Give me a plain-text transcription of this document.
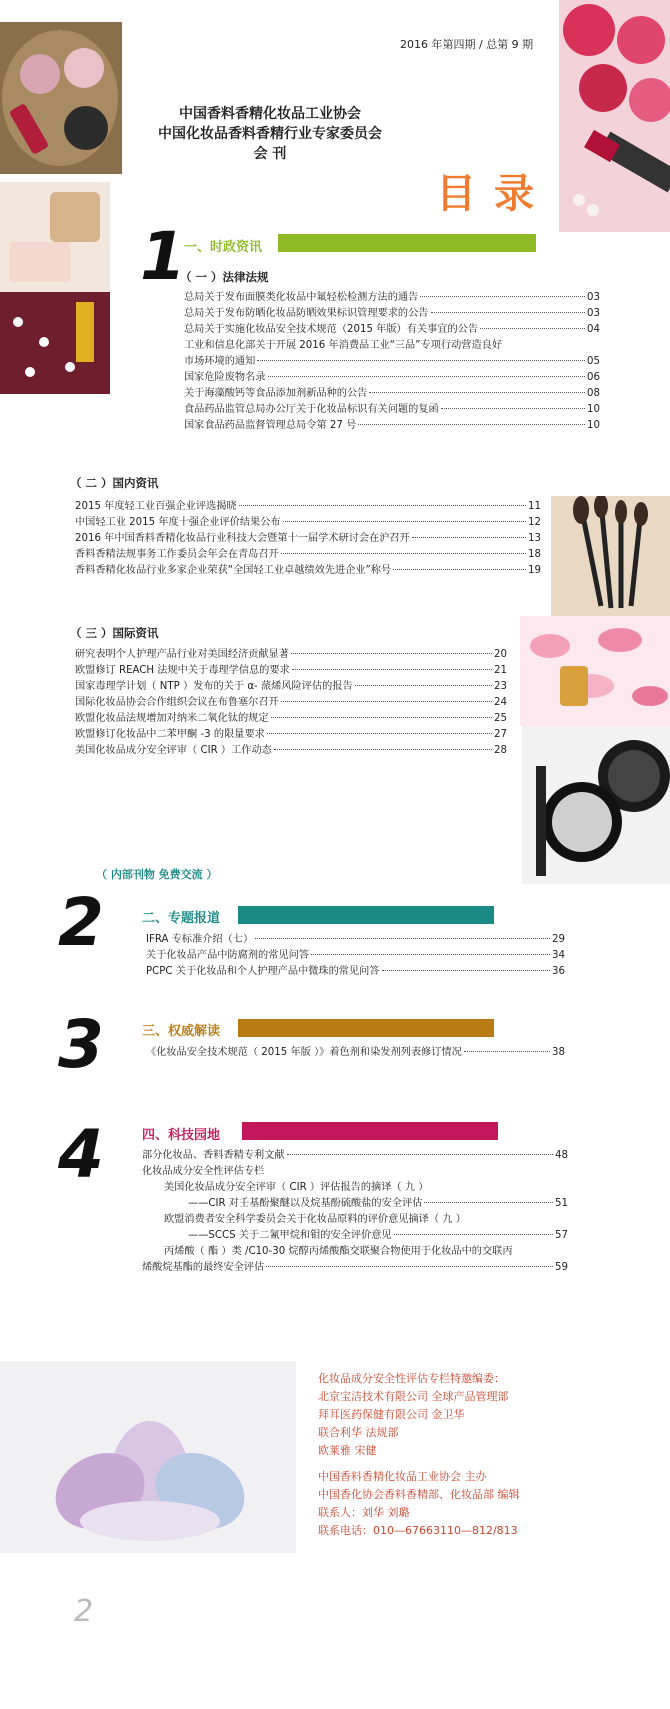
2016 年第四期 / 总第 9 期
中国香料香精化妆品工业协会
中国化妆品香料香精行业专家委员会
会 刊
目录
1
一、时政资讯
（ 一 ）法律法规
总局关于发布面膜类化妆品中氟轻松检测方法的通告	03
总局关于发布防晒化妆品防晒效果标识管理要求的公告	03
总局关于实施化妆品安全技术规范（2015 年版）有关事宜的公告	04
工业和信息化部关于开展 2016 年消费品工业“三品”专项行动营造良好
市场环境的通知	05
国家危险废物名录	06
关于海藻酸钙等食品添加剂新品种的公告	08
食品药品监管总局办公厅关于化妆品标识有关问题的复函	10
国家食品药品监督管理总局令第 27 号	10
（ 二 ）国内资讯
2015 年度轻工业百强企业评选揭晓	11
中国轻工业 2015 年度十强企业评价结果公布	12
2016 年中国香料香精化妆品行业科技大会暨第十一届学术研讨会在沪召开	13
香料香精法规事务工作委员会年会在青岛召开	18
香料香精化妆品行业多家企业荣获“全国轻工业卓越绩效先进企业”称号	19
（ 三 ）国际资讯
研究表明个人护理产品行业对美国经济贡献显著	20
欧盟修订 REACH 法规中关于毒理学信息的要求	21
国家毒理学计划（ NTP ）发布的关于 α- 蒎烯风险评估的报告	23
国际化妆品协会合作组织会议在布鲁塞尔召开	24
欧盟化妆品法规增加对纳米二氧化钛的规定	25
欧盟修订化妆品中二苯甲酮 -3 的限量要求	27
美国化妆品成分安全评审（ CIR ）工作动态	28
（ 内部刊物 免费交流 ）
2	二、专题报道
IFRA 专标准介绍（七）	29
关于化妆品产品中防腐剂的常见问答	34
PCPC 关于化妆品和个人护理产品中微珠的常见问答	36
3	三、权威解读
《化妆品安全技术规范（ 2015 年版 ）》着色剂和染发剂列表修订情况	38
4	四、科技园地
部分化妆品、香料香精专利文献	48
化妆品成分安全性评估专栏
美国化妆品成分安全评审（ CIR ）评估报告的摘译（ 九 ）
——CIR 对壬基酚聚醚以及烷基酚硫酸盐的安全评估	51
欧盟消费者安全科学委员会关于化妆品原料的评价意见摘译（ 九 ）
——SCCS 关于二氰甲烷和钼的安全评价意见	57
丙烯酸（ 酯 ）类 /C10-30 烷醇丙烯酸酯交联聚合物使用于化妆品中的交联丙
烯酸烷基酯的最终安全评估	59
化妆品成分安全性评估专栏特邀编委：
北京宝洁技术有限公司 全球产品管理部
拜耳医药保健有限公司 金卫华
联合利华 法规部
欧莱雅 宋健
中国香料香精化妆品工业协会 主办
中国香化协会香料香精部、化妆品部 编辑
联系人：刘华 刘璐
联系电话：010—67663110—812/813
2
